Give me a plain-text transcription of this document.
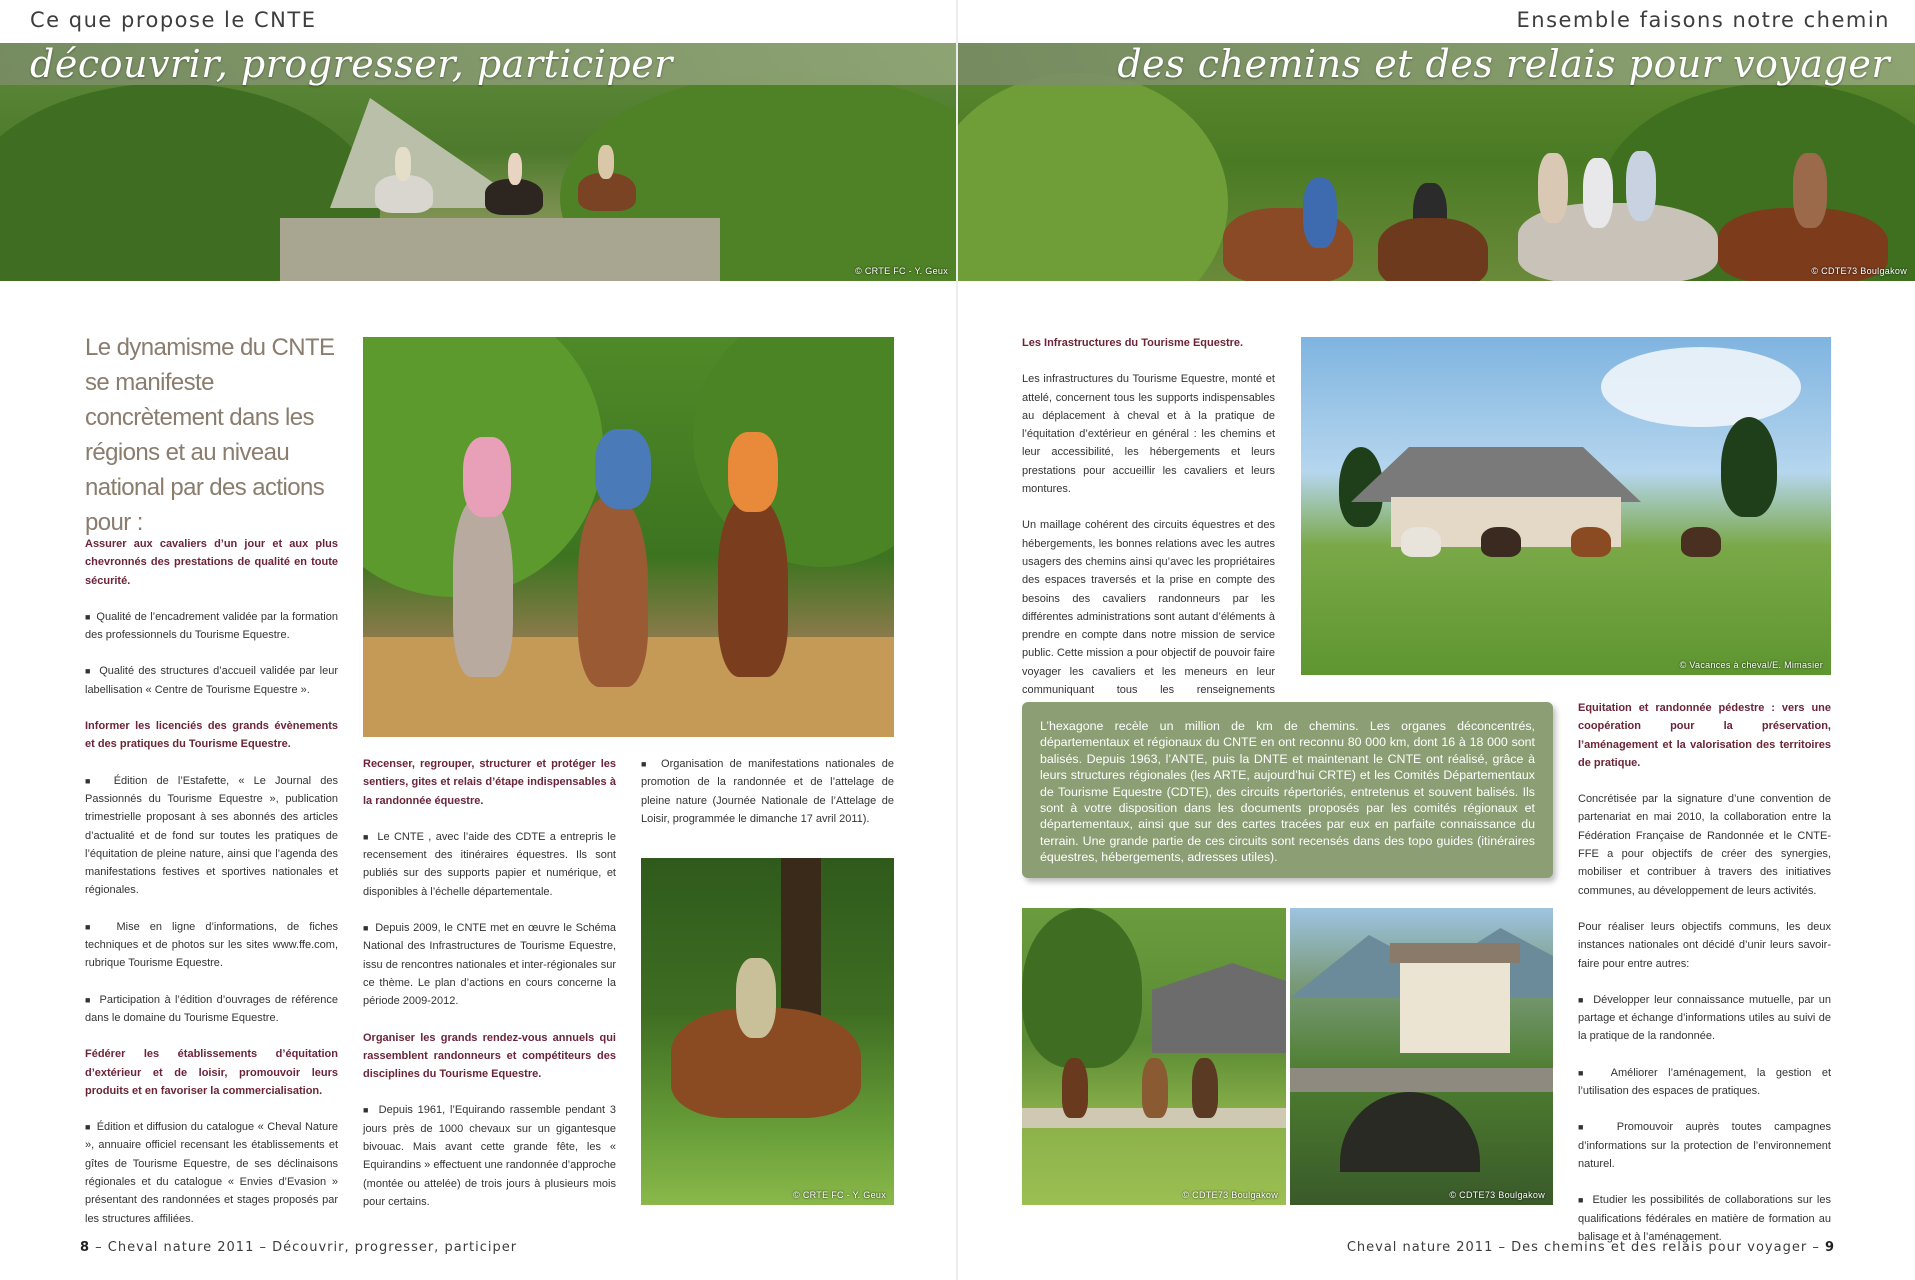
Ce que propose le CNTE	Ensemble faisons notre chemin
découvrir, progresser, participer
© CRTE FC - Y. Geux
des chemins et des relais pour voyager
© CDTE73 Boulgakow
Le dynamisme du CNTE se manifeste concrètement dans les régions et au niveau national par des actions pour :

Assurer aux cavaliers d’un jour et aux plus chevronnés des prestations de qualité en toute sécurité.

■  Qualité de l’encadrement validée par la formation des professionnels du Tourisme Equestre.

■  Qualité des structures d’accueil validée par leur labellisation « Centre de Tourisme Equestre ».

Informer les licenciés des grands évènements et des pratiques du Tourisme Equestre.

■  Édition de l’Estafette, « Le Journal des Passionnés du Tourisme Equestre », publication trimestrielle proposant à ses abonnés des articles d’actualité et de fond sur toutes les pratiques de l’équitation de pleine nature, ainsi que l’agenda des manifestations festives et sportives nationales et régionales.

■  Mise en ligne d’informations, de fiches techniques et de photos sur les sites www.ffe.com, rubrique Tourisme Equestre.

■  Participation à l’édition d’ouvrages de référence dans le domaine du Tourisme Equestre.

Fédérer les établissements d’équitation d’extérieur et de loisir, promouvoir leurs produits et en favoriser la commercialisation.

■  Édition et diffusion du catalogue « Cheval Nature », annuaire officiel recensant les établissements et gîtes de Tourisme Equestre, de ses déclinaisons régionales et du catalogue « Envies d’Evasion » présentant des randonnées et stages proposés par les structures affiliées.

Recenser, regrouper, structurer et protéger les sentiers, gites et relais d’étape indispensables à la randonnée équestre.

■  Le CNTE , avec l’aide des CDTE a entrepris le recensement des itinéraires équestres. Ils sont publiés sur des supports papier et numérique, et disponibles à l’échelle départementale.

■  Depuis 2009, le CNTE met en œuvre le Schéma National des Infrastructures de Tourisme Equestre, issu de rencontres nationales et inter-régionales sur ce thème. Le plan d’actions en cours concerne la période 2009-2012.

Organiser les grands rendez-vous annuels qui rassemblent randonneurs et compétiteurs des disciplines du Tourisme Equestre.

■  Depuis 1961, l’Equirando rassemble pendant 3 jours près de 1000 chevaux sur un gigantesque bivouac. Mais avant cette grande fête, les « Equirandins » effectuent une randonnée d’approche (montée ou attelée) de trois jours à plusieurs mois pour certains.

■  Organisation de manifestations nationales de promotion de la randonnée et de l’attelage de pleine nature (Journée Nationale de l’Attelage de Loisir, programmée le dimanche 17 avril 2011).

© CRTE FC - Y. Geux

Les Infrastructures du Tourisme Equestre.

Les infrastructures du Tourisme Equestre, monté et attelé, concernent tous les supports indispensables au déplacement à cheval et à la pratique de l’équitation d’extérieur en général : les chemins et leur accessibilité, les hébergements et leurs prestations pour accueillir les cavaliers et leurs montures.

Un maillage cohérent des circuits équestres et des hébergements, les bonnes relations avec les autres usagers des chemins ainsi qu’avec les propriétaires des espaces traversés et la prise en compte des besoins des cavaliers randonneurs par les différentes administrations sont autant d’éléments à prendre en compte dans notre mission de service public. Cette mission a pour objectif de pouvoir faire voyager les cavaliers et les meneurs en leur communiquant tous les renseignements

© Vacances à cheval/E. Mimasier
L’hexagone recèle un million de km de chemins. Les organes déconcentrés, départementaux et régionaux du CNTE en ont reconnu 80 000 km, dont 16 à 18 000 sont balisés. Depuis 1963, l’ANTE, puis la DNTE et maintenant le CNTE ont réalisé, grâce à leurs structures régionales (les ARTE, aujourd’hui CRTE) et les Comités Départementaux de Tourisme Equestre (CDTE), des circuits répertoriés, entretenus et souvent balisés. Ils sont à votre disposition dans les documents proposés par les comités régionaux et départementaux, ainsi que sur des cartes tracées par eux en parfaite connaissance du terrain. Une grande partie de ces circuits sont recensés dans des topo guides (itinéraires équestres, hébergements, adresses utiles).

Equitation et randonnée pédestre : vers une coopération pour la préservation, l’aménagement et la valorisation des territoires de pratique.

Concrétisée par la signature d’une convention de partenariat en mai 2010, la collaboration entre la Fédération Française de Randonnée et le CNTE-FFE a pour objectifs de créer des synergies, mobiliser et contribuer à travers des initiatives communes, au développement de leurs activités.

Pour réaliser leurs objectifs communs, les deux instances nationales ont décidé d’unir leurs savoir-faire pour entre autres:

■  Développer leur connaissance mutuelle, par un partage et échange d’informations utiles au suivi de la pratique de la randonnée.

■  Améliorer l’aménagement, la gestion et l’utilisation des espaces de pratiques.

■  Promouvoir auprès toutes campagnes d’informations sur la protection de l’environnement naturel.

■  Etudier les possibilités de collaborations sur les qualifications fédérales en matière de formation au balisage et à l’aménagement.

© CDTE73 Boulgakow	© CDTE73 Boulgakow
8 – Cheval nature 2011 – Découvrir, progresser, participer	Cheval nature 2011 – Des chemins et des relais pour voyager – 9
